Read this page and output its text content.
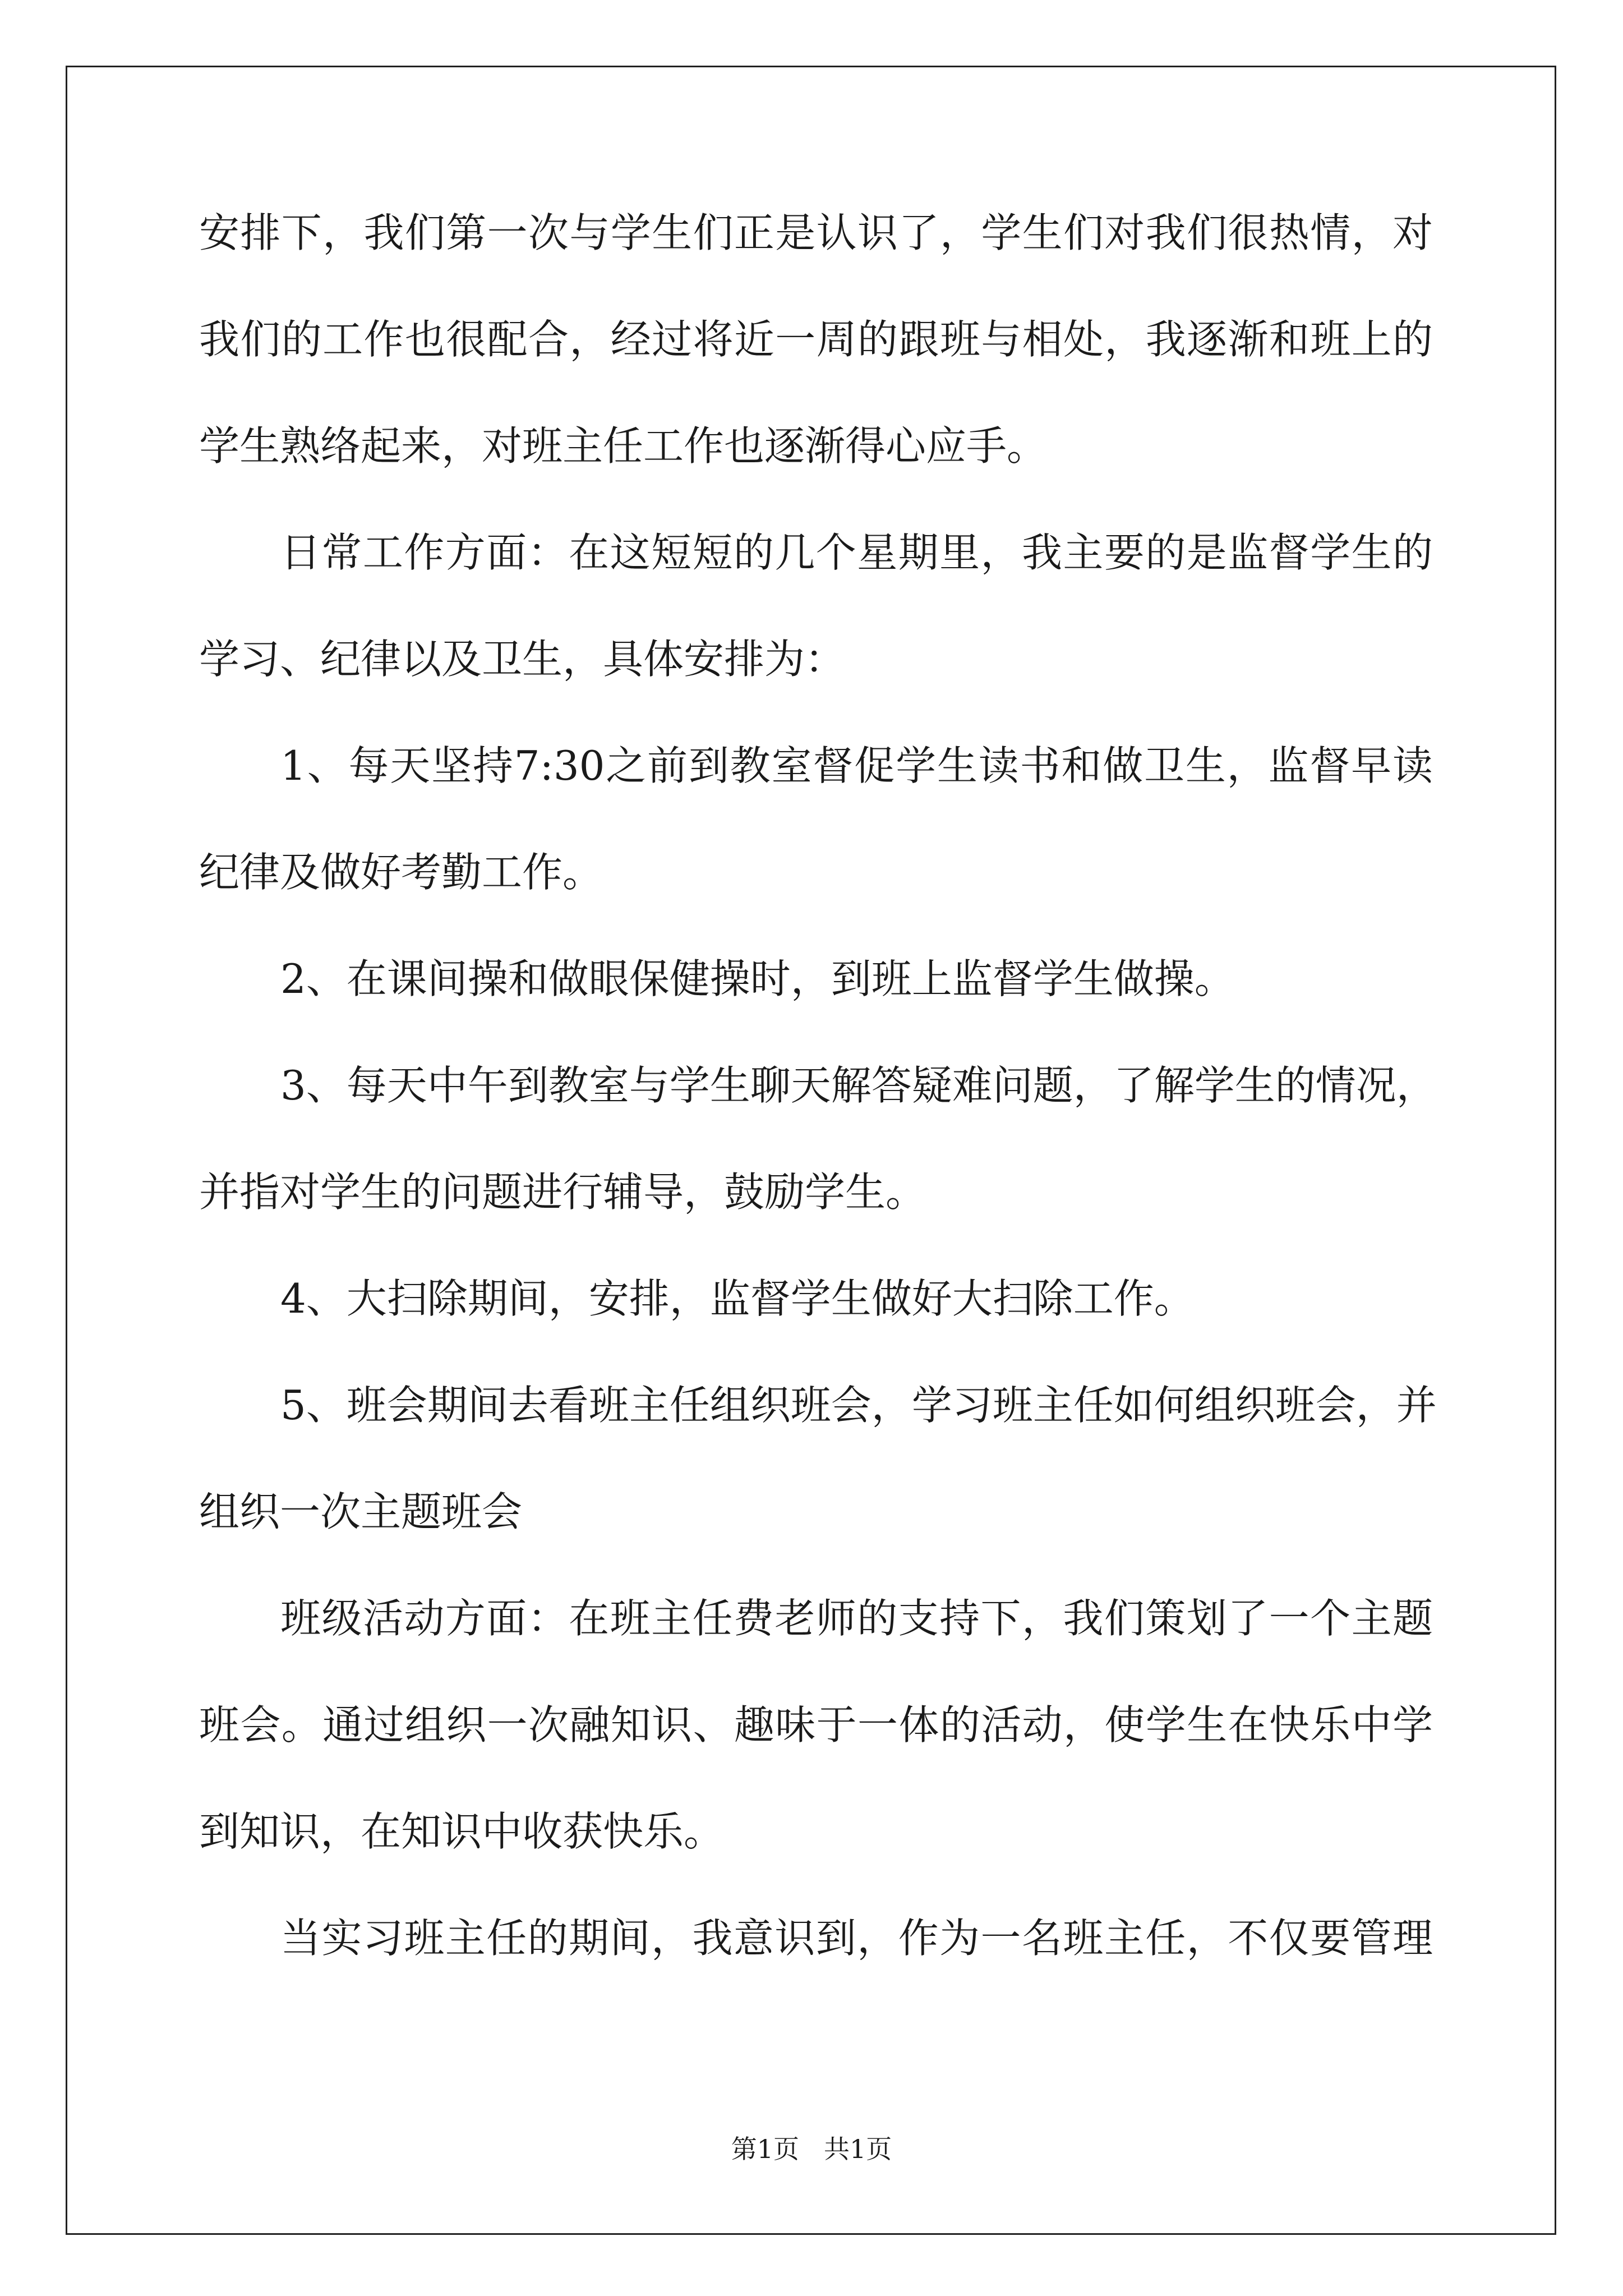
安排下，我们第一次与学生们正是认识了，学生们对我们很热情，对
我们的工作也很配合，经过将近一周的跟班与相处，我逐渐和班上的
学生熟络起来，对班主任工作也逐渐得心应手。
日常工作方面：在这短短的几个星期里，我主要的是监督学生的
学习、纪律以及卫生，具体安排为：
1、每天坚持7:30之前到教室督促学生读书和做卫生，监督早读
纪律及做好考勤工作。
2、在课间操和做眼保健操时，到班上监督学生做操。
3、每天中午到教室与学生聊天解答疑难问题，了解学生的情况，
并指对学生的问题进行辅导，鼓励学生。
4、大扫除期间，安排，监督学生做好大扫除工作。
5、班会期间去看班主任组织班会，学习班主任如何组织班会，并
组织一次主题班会
班级活动方面：在班主任费老师的支持下，我们策划了一个主题
班会。通过组织一次融知识、趣味于一体的活动，使学生在快乐中学
到知识，在知识中收获快乐。
当实习班主任的期间，我意识到，作为一名班主任，不仅要管理
第1页 共1页
